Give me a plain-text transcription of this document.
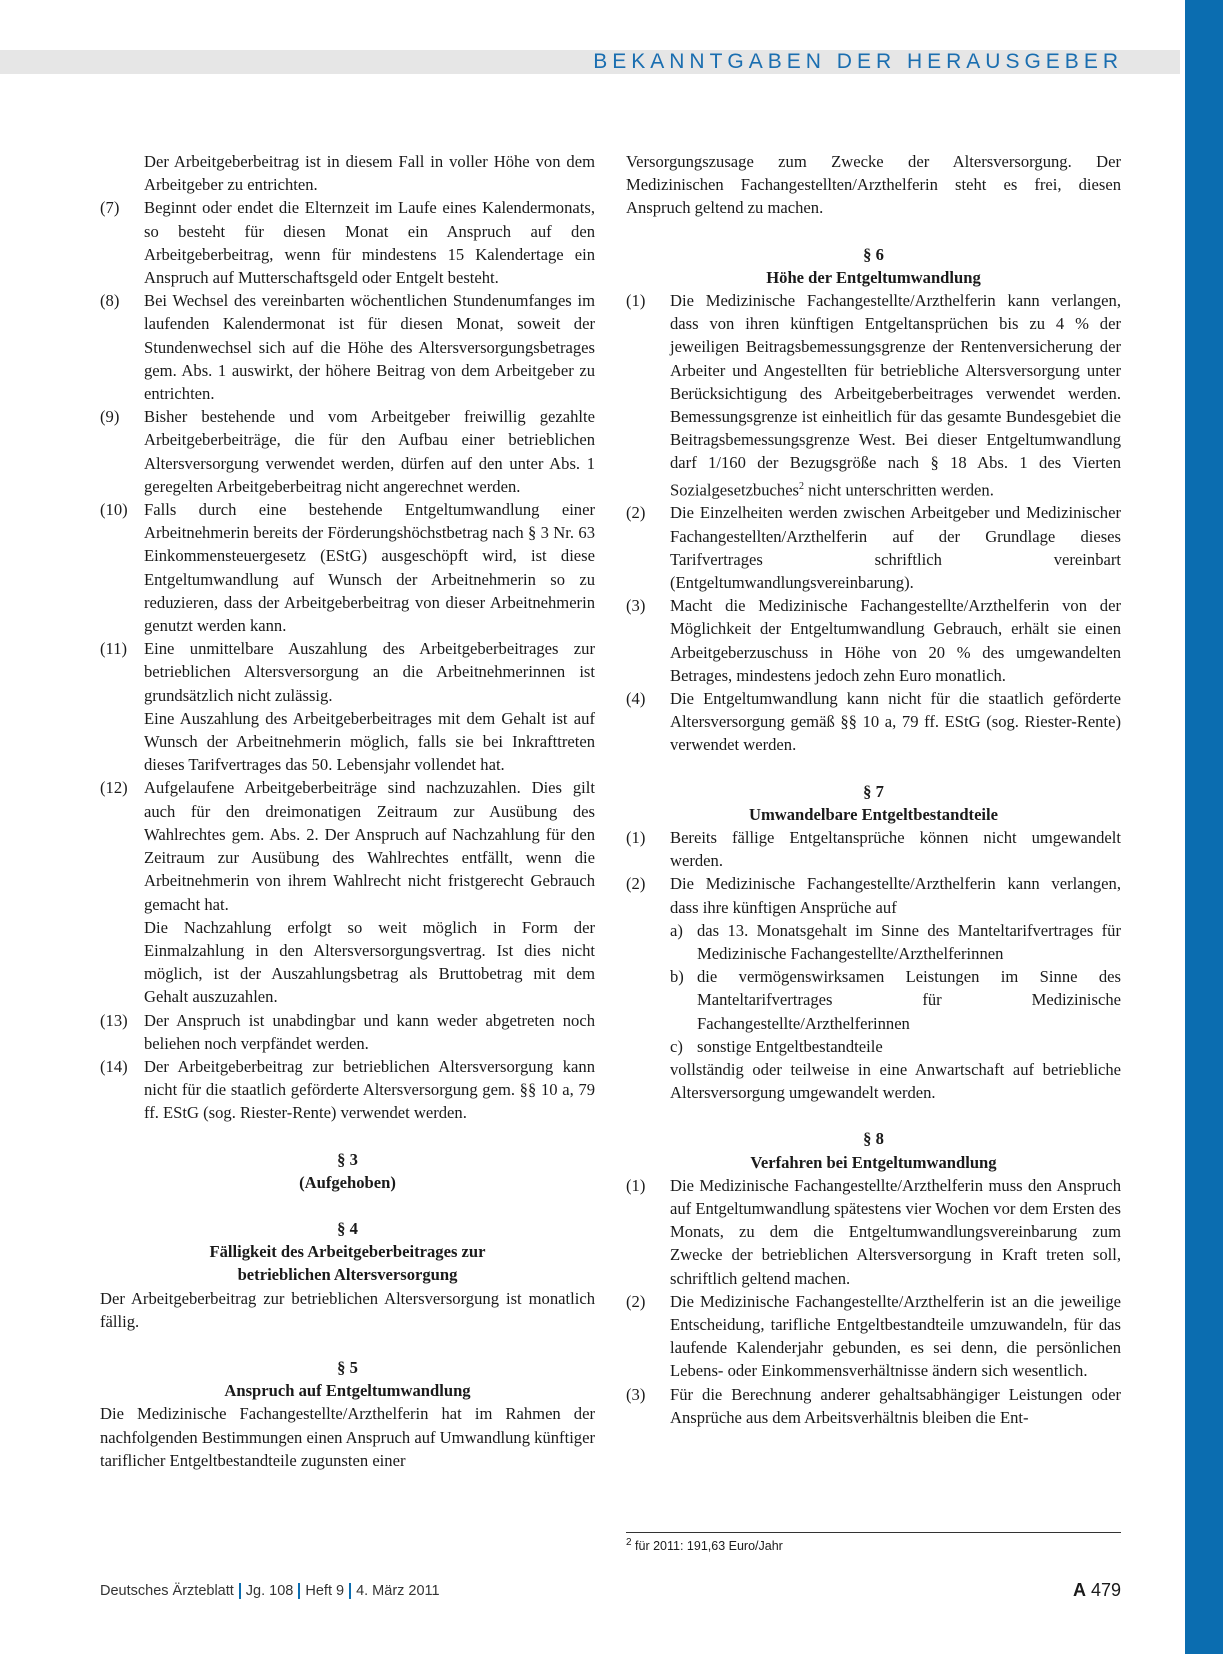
BEKANNTGABEN DER HERAUSGEBER
Der Arbeitgeberbeitrag ist in diesem Fall in voller Höhe von dem Arbeitgeber zu entrichten.
(7) Beginnt oder endet die Elternzeit im Laufe eines Kalendermonats, so besteht für diesen Monat ein Anspruch auf den Arbeitgeberbeitrag, wenn für mindestens 15 Kalendertage ein Anspruch auf Mutterschaftsgeld oder Entgelt besteht.
(8) Bei Wechsel des vereinbarten wöchentlichen Stundenumfanges im laufenden Kalendermonat ist für diesen Monat, soweit der Stundenwechsel sich auf die Höhe des Altersversorgungsbetrages gem. Abs. 1 auswirkt, der höhere Beitrag von dem Arbeitgeber zu entrichten.
(9) Bisher bestehende und vom Arbeitgeber freiwillig gezahlte Arbeitgeberbeiträge, die für den Aufbau einer betrieblichen Altersversorgung verwendet werden, dürfen auf den unter Abs. 1 geregelten Arbeitgeberbeitrag nicht angerechnet werden.
(10) Falls durch eine bestehende Entgeltumwandlung einer Arbeitnehmerin bereits der Förderungshöchstbetrag nach § 3 Nr. 63 Einkommensteuergesetz (EStG) ausgeschöpft wird, ist diese Entgeltumwandlung auf Wunsch der Arbeitnehmerin so zu reduzieren, dass der Arbeitgeberbeitrag von dieser Arbeitnehmerin genutzt werden kann.
(11) Eine unmittelbare Auszahlung des Arbeitgeberbeitrages zur betrieblichen Altersversorgung an die Arbeitnehmerinnen ist grundsätzlich nicht zulässig.
Eine Auszahlung des Arbeitgeberbeitrages mit dem Gehalt ist auf Wunsch der Arbeitnehmerin möglich, falls sie bei Inkrafttreten dieses Tarifvertrages das 50. Lebensjahr vollendet hat.
(12) Aufgelaufene Arbeitgeberbeiträge sind nachzuzahlen. Dies gilt auch für den dreimonatigen Zeitraum zur Ausübung des Wahlrechtes gem. Abs. 2. Der Anspruch auf Nachzahlung für den Zeitraum zur Ausübung des Wahlrechtes entfällt, wenn die Arbeitnehmerin von ihrem Wahlrecht nicht fristgerecht Gebrauch gemacht hat.
Die Nachzahlung erfolgt so weit möglich in Form der Einmalzahlung in den Altersversorgungsvertrag. Ist dies nicht möglich, ist der Auszahlungsbetrag als Bruttobetrag mit dem Gehalt auszuzahlen.
(13) Der Anspruch ist unabdingbar und kann weder abgetreten noch beliehen noch verpfändet werden.
(14) Der Arbeitgeberbeitrag zur betrieblichen Altersversorgung kann nicht für die staatlich geförderte Altersversorgung gem. §§ 10 a, 79 ff. EStG (sog. Riester-Rente) verwendet werden.
§ 3
(Aufgehoben)
§ 4
Fälligkeit des Arbeitgeberbeitrages zur
betrieblichen Altersversorgung
Der Arbeitgeberbeitrag zur betrieblichen Altersversorgung ist monatlich fällig.
§ 5
Anspruch auf Entgeltumwandlung
Die Medizinische Fachangestellte/Arzthelferin hat im Rahmen der nachfolgenden Bestimmungen einen Anspruch auf Umwandlung künftiger tariflicher Entgeltbestandteile zugunsten einer
Versorgungszusage zum Zwecke der Altersversorgung. Der Medizinischen Fachangestellten/Arzthelferin steht es frei, diesen Anspruch geltend zu machen.
§ 6
Höhe der Entgeltumwandlung
(1) Die Medizinische Fachangestellte/Arzthelferin kann verlangen, dass von ihren künftigen Entgeltansprüchen bis zu 4 % der jeweiligen Beitragsbemessungsgrenze der Rentenversicherung der Arbeiter und Angestellten für betriebliche Altersversorgung unter Berücksichtigung des Arbeitgeberbeitrages verwendet werden. Bemessungsgrenze ist einheitlich für das gesamte Bundesgebiet die Beitragsbemessungsgrenze West. Bei dieser Entgeltumwandlung darf 1/160 der Bezugsgröße nach § 18 Abs. 1 des Vierten Sozialgesetzbuches$^2$ nicht unterschritten werden.
(2) Die Einzelheiten werden zwischen Arbeitgeber und Medizinischer Fachangestellten/Arzthelferin auf der Grundlage dieses Tarifvertrages schriftlich vereinbart (Entgeltumwandlungsvereinbarung).
(3) Macht die Medizinische Fachangestellte/Arzthelferin von der Möglichkeit der Entgeltumwandlung Gebrauch, erhält sie einen Arbeitgeberzuschuss in Höhe von 20 % des umgewandelten Betrages, mindestens jedoch zehn Euro monatlich.
(4) Die Entgeltumwandlung kann nicht für die staatlich geförderte Altersversorgung gemäß §§ 10 a, 79 ff. EStG (sog. Riester-Rente) verwendet werden.
§ 7
Umwandelbare Entgeltbestandteile
(1) Bereits fällige Entgeltansprüche können nicht umgewandelt werden.
(2) Die Medizinische Fachangestellte/Arzthelferin kann verlangen, dass ihre künftigen Ansprüche auf
a) das 13. Monatsgehalt im Sinne des Manteltarifvertrages für Medizinische Fachangestellte/Arzthelferinnen
b) die vermögenswirksamen Leistungen im Sinne des Manteltarifvertrages für Medizinische Fachangestellte/Arzthelferinnen
c) sonstige Entgeltbestandteile
vollständig oder teilweise in eine Anwartschaft auf betriebliche Altersversorgung umgewandelt werden.
§ 8
Verfahren bei Entgeltumwandlung
(1) Die Medizinische Fachangestellte/Arzthelferin muss den Anspruch auf Entgeltumwandlung spätestens vier Wochen vor dem Ersten des Monats, zu dem die Entgeltumwandlungsvereinbarung zum Zwecke der betrieblichen Altersversorgung in Kraft treten soll, schriftlich geltend machen.
(2) Die Medizinische Fachangestellte/Arzthelferin ist an die jeweilige Entscheidung, tarifliche Entgeltbestandteile umzuwandeln, für das laufende Kalenderjahr gebunden, es sei denn, die persönlichen Lebens- oder Einkommensverhältnisse ändern sich wesentlich.
(3) Für die Berechnung anderer gehaltsabhängiger Leistungen oder Ansprüche aus dem Arbeitsverhältnis bleiben die Ent-
$^2$ für 2011: 191,63 Euro/Jahr
Deutsches Ärzteblatt Jg. 108 Heft 9 4. März 2011	A 479
